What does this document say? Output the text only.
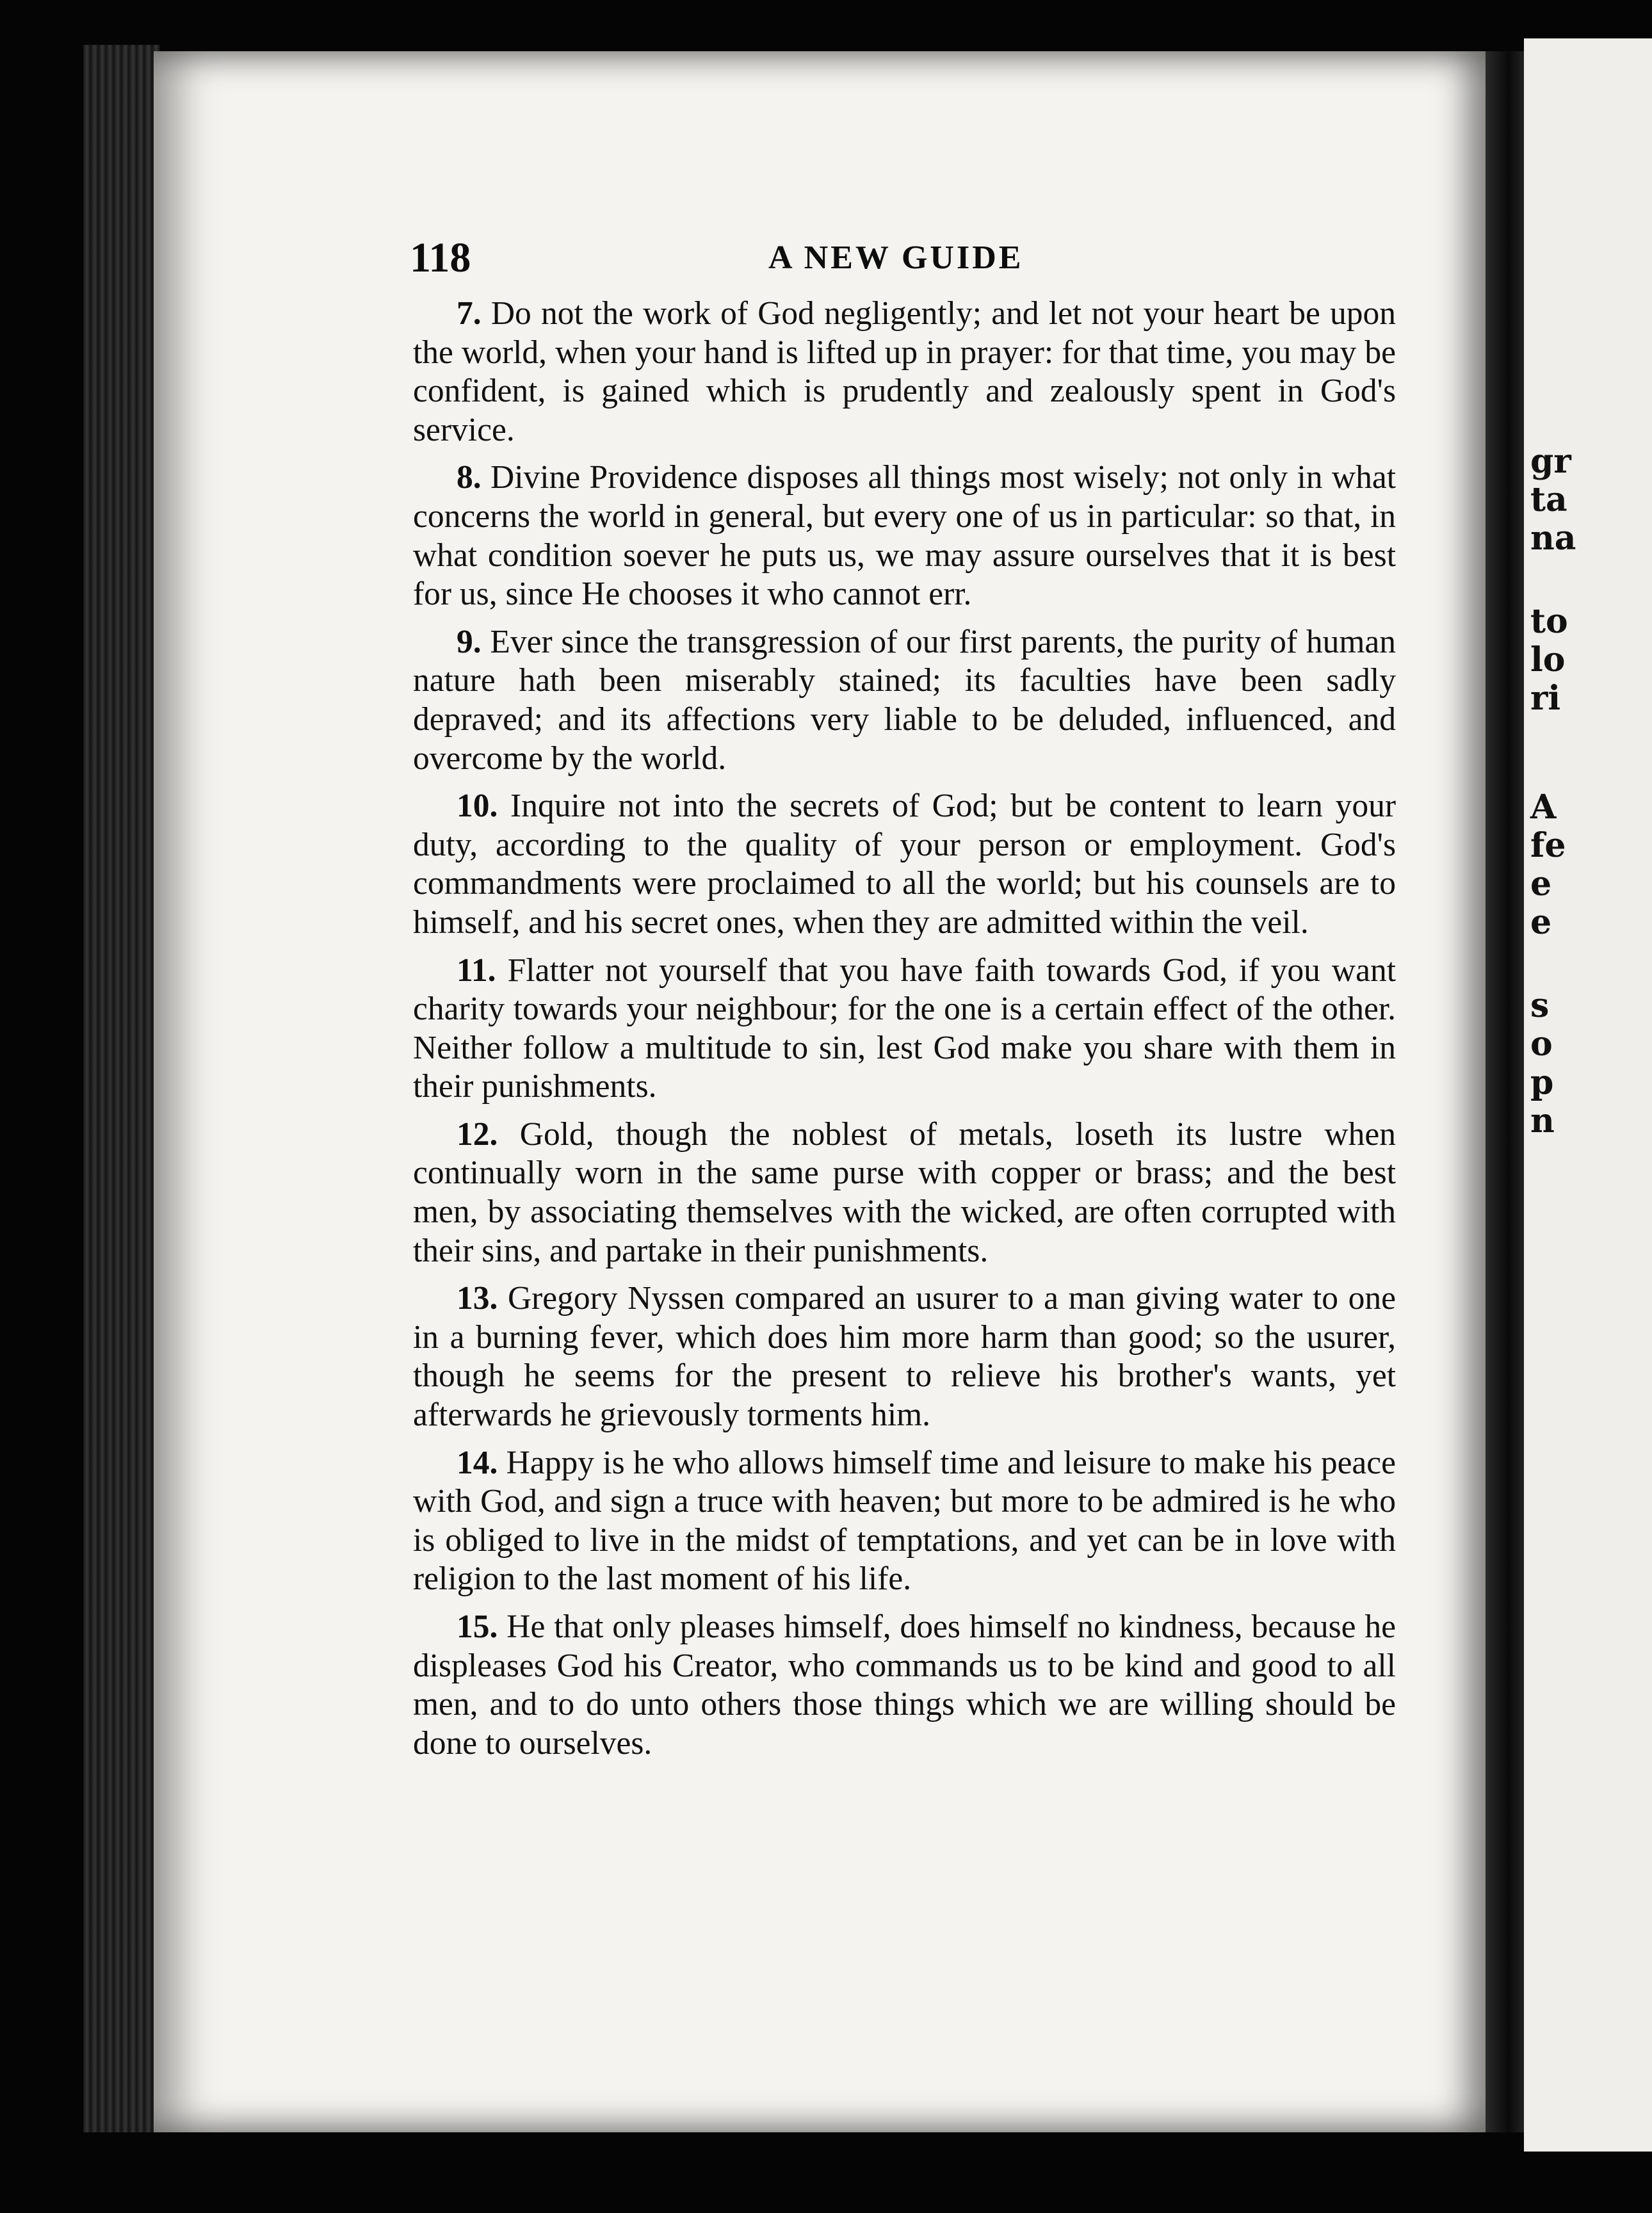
gr
ta
na
to
lo
ri
A
fe
e
e
s
o
p
n
118	A NEW GUIDE

7. Do not the work of God negligently; and let not your heart be upon the world, when your hand is lifted up in prayer: for that time, you may be confident, is gained which is prudently and zealously spent in God's service.

8. Divine Providence disposes all things most wisely; not only in what concerns the world in general, but every one of us in particular: so that, in what condition soever he puts us, we may assure ourselves that it is best for us, since He chooses it who cannot err.

9. Ever since the transgression of our first parents, the purity of human nature hath been miserably stained; its faculties have been sadly depraved; and its affections very liable to be deluded, influenced, and overcome by the world.

10. Inquire not into the secrets of God; but be content to learn your duty, according to the quality of your person or employment. God's commandments were proclaimed to all the world; but his counsels are to himself, and his secret ones, when they are admitted within the veil.

11. Flatter not yourself that you have faith towards God, if you want charity towards your neighbour; for the one is a certain effect of the other. Neither follow a multitude to sin, lest God make you share with them in their punishments.

12. Gold, though the noblest of metals, loseth its lustre when continually worn in the same purse with copper or brass; and the best men, by associating themselves with the wicked, are often corrupted with their sins, and partake in their punishments.

13. Gregory Nyssen compared an usurer to a man giving water to one in a burning fever, which does him more harm than good; so the usurer, though he seems for the present to relieve his brother's wants, yet afterwards he grievously torments him.

14. Happy is he who allows himself time and leisure to make his peace with God, and sign a truce with heaven; but more to be admired is he who is obliged to live in the midst of temptations, and yet can be in love with religion to the last moment of his life.

15. He that only pleases himself, does himself no kindness, because he displeases God his Creator, who commands us to be kind and good to all men, and to do unto others those things which we are willing should be done to ourselves.
